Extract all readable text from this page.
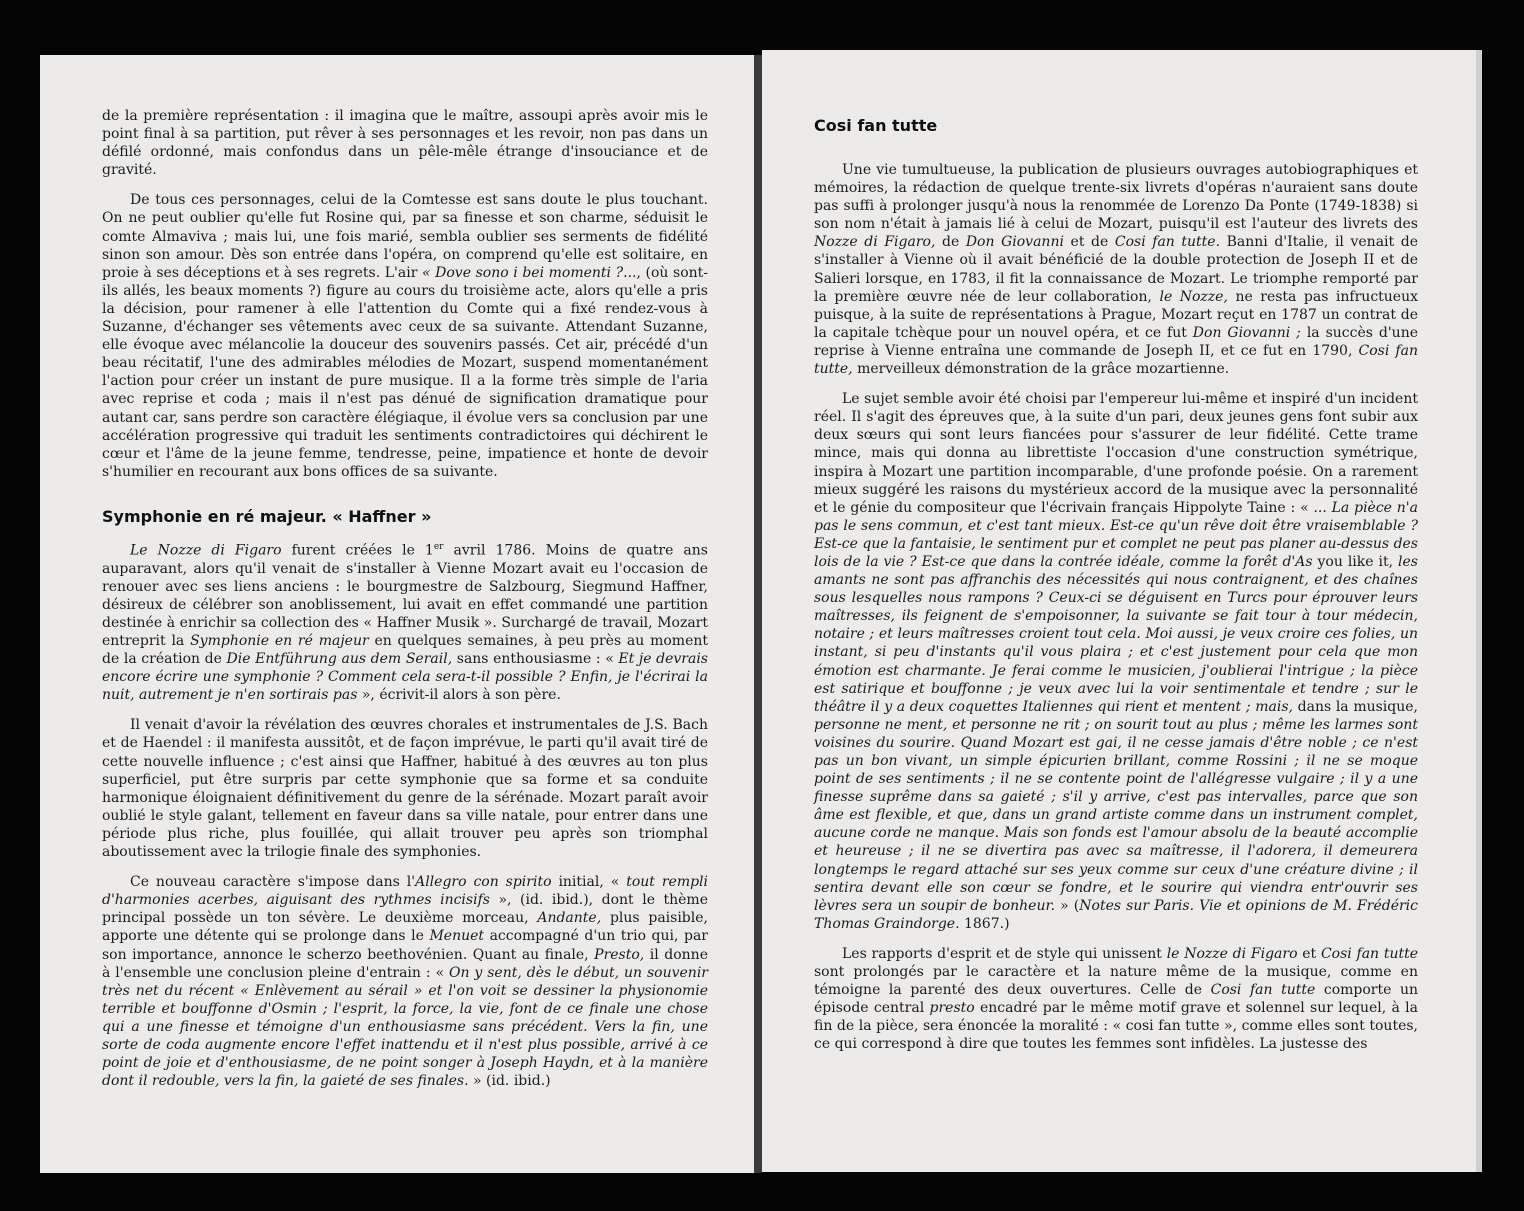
de la première représentation : il imagina que le maître, assoupi après avoir mis le point final à sa partition, put rêver à ses personnages et les revoir, non pas dans un défilé ordonné, mais confondus dans un pêle-mêle étrange d'insouciance et de gravité.

De tous ces personnages, celui de la Comtesse est sans doute le plus touchant. On ne peut oublier qu'elle fut Rosine qui, par sa finesse et son charme, séduisit le comte Almaviva ; mais lui, une fois marié, sembla oublier ses serments de fidélité sinon son amour. Dès son entrée dans l'opéra, on comprend qu'elle est solitaire, en proie à ses déceptions et à ses regrets. L'air « Dove sono i bei momenti ?..., (où sont-ils allés, les beaux moments ?) figure au cours du troisième acte, alors qu'elle a pris la décision, pour ramener à elle l'attention du Comte qui a fixé rendez-vous à Suzanne, d'échanger ses vêtements avec ceux de sa suivante. Attendant Suzanne, elle évoque avec mélancolie la douceur des souvenirs passés. Cet air, précédé d'un beau récitatif, l'une des admirables mélodies de Mozart, suspend momentanément l'action pour créer un instant de pure musique. Il a la forme très simple de l'aria avec reprise et coda ; mais il n'est pas dénué de signification dramatique pour autant car, sans perdre son caractère élégiaque, il évolue vers sa conclusion par une accélération progressive qui traduit les sentiments contradictoires qui déchirent le cœur et l'âme de la jeune femme, tendresse, peine, impatience et honte de devoir s'humilier en recourant aux bons offices de sa suivante.

Symphonie en ré majeur. « Haffner »

Le Nozze di Figaro furent créées le 1er avril 1786. Moins de quatre ans auparavant, alors qu'il venait de s'installer à Vienne Mozart avait eu l'occasion de renouer avec ses liens anciens : le bourgmestre de Salzbourg, Siegmund Haffner, désireux de célébrer son anoblissement, lui avait en effet commandé une partition destinée à enrichir sa collection des « Haffner Musik ». Surchargé de travail, Mozart entreprit la Symphonie en ré majeur en quelques semaines, à peu près au moment de la création de Die Entführung aus dem Serail, sans enthousiasme : « Et je devrais encore écrire une symphonie ? Comment cela sera-t-il possible ? Enfin, je l'écrirai la nuit, autrement je n'en sortirais pas », écrivit-il alors à son père.

Il venait d'avoir la révélation des œuvres chorales et instrumentales de J.S. Bach et de Haendel : il manifesta aussitôt, et de façon imprévue, le parti qu'il avait tiré de cette nouvelle influence ; c'est ainsi que Haffner, habitué à des œuvres au ton plus superficiel, put être surpris par cette symphonie que sa forme et sa conduite harmonique éloignaient définitivement du genre de la sérénade. Mozart paraît avoir oublié le style galant, tellement en faveur dans sa ville natale, pour entrer dans une période plus riche, plus fouillée, qui allait trouver peu après son triomphal aboutissement avec la trilogie finale des symphonies.

Ce nouveau caractère s'impose dans l'Allegro con spirito initial, « tout rempli d'harmonies acerbes, aiguisant des rythmes incisifs », (id. ibid.), dont le thème principal possède un ton sévère. Le deuxième morceau, Andante, plus paisible, apporte une détente qui se prolonge dans le Menuet accompagné d'un trio qui, par son importance, annonce le scherzo beethovénien. Quant au finale, Presto, il donne à l'ensemble une conclusion pleine d'entrain : « On y sent, dès le début, un souvenir très net du récent « Enlèvement au sérail » et l'on voit se dessiner la physionomie terrible et bouffonne d'Osmin ; l'esprit, la force, la vie, font de ce finale une chose qui a une finesse et témoigne d'un enthousiasme sans précédent. Vers la fin, une sorte de coda augmente encore l'effet inattendu et il n'est plus possible, arrivé à ce point de joie et d'enthousiasme, de ne point songer à Joseph Haydn, et à la manière dont il redouble, vers la fin, la gaieté de ses finales. » (id. ibid.)

Cosi fan tutte

Une vie tumultueuse, la publication de plusieurs ouvrages autobiographiques et mémoires, la rédaction de quelque trente-six livrets d'opéras n'auraient sans doute pas suffi à prolonger jusqu'à nous la renommée de Lorenzo Da Ponte (1749-1838) si son nom n'était à jamais lié à celui de Mozart, puisqu'il est l'auteur des livrets des Nozze di Figaro, de Don Giovanni et de Cosi fan tutte. Banni d'Italie, il venait de s'installer à Vienne où il avait bénéficié de la double protection de Joseph II et de Salieri lorsque, en 1783, il fit la connaissance de Mozart. Le triomphe remporté par la première œuvre née de leur collaboration, le Nozze, ne resta pas infructueux puisque, à la suite de représentations à Prague, Mozart reçut en 1787 un contrat de la capitale tchèque pour un nouvel opéra, et ce fut Don Giovanni ; la succès d'une reprise à Vienne entraîna une commande de Joseph II, et ce fut en 1790, Cosi fan tutte, merveilleux démonstration de la grâce mozartienne.

Le sujet semble avoir été choisi par l'empereur lui-même et inspiré d'un incident réel. Il s'agit des épreuves que, à la suite d'un pari, deux jeunes gens font subir aux deux sœurs qui sont leurs fiancées pour s'assurer de leur fidélité. Cette trame mince, mais qui donna au librettiste l'occasion d'une construction symétrique, inspira à Mozart une partition incomparable, d'une profonde poésie. On a rarement mieux suggéré les raisons du mystérieux accord de la musique avec la personnalité et le génie du compositeur que l'écrivain français Hippolyte Taine : « ... La pièce n'a pas le sens commun, et c'est tant mieux. Est-ce qu'un rêve doit être vraisemblable ? Est-ce que la fantaisie, le sentiment pur et complet ne peut pas planer au-dessus des lois de la vie ? Est-ce que dans la contrée idéale, comme la forêt d'As you like it, les amants ne sont pas affranchis des nécessités qui nous contraignent, et des chaînes sous lesquelles nous rampons ? Ceux-ci se déguisent en Turcs pour éprouver leurs maîtresses, ils feignent de s'empoisonner, la suivante se fait tour à tour médecin, notaire ; et leurs maîtresses croient tout cela. Moi aussi, je veux croire ces folies, un instant, si peu d'instants qu'il vous plaira ; et c'est justement pour cela que mon émotion est charmante. Je ferai comme le musicien, j'oublierai l'intrigue ; la pièce est satirique et bouffonne ; je veux avec lui la voir sentimentale et tendre ; sur le théâtre il y a deux coquettes Italiennes qui rient et mentent ; mais, dans la musique, personne ne ment, et personne ne rit ; on sourit tout au plus ; même les larmes sont voisines du sourire. Quand Mozart est gai, il ne cesse jamais d'être noble ; ce n'est pas un bon vivant, un simple épicurien brillant, comme Rossini ; il ne se moque point de ses sentiments ; il ne se contente point de l'allégresse vulgaire ; il y a une finesse suprême dans sa gaieté ; s'il y arrive, c'est pas intervalles, parce que son âme est flexible, et que, dans un grand artiste comme dans un instrument complet, aucune corde ne manque. Mais son fonds est l'amour absolu de la beauté accomplie et heureuse ; il ne se divertira pas avec sa maîtresse, il l'adorera, il demeurera longtemps le regard attaché sur ses yeux comme sur ceux d'une créature divine ; il sentira devant elle son cœur se fondre, et le sourire qui viendra entr'ouvrir ses lèvres sera un soupir de bonheur. » (Notes sur Paris. Vie et opinions de M. Frédéric Thomas Graindorge. 1867.)

Les rapports d'esprit et de style qui unissent le Nozze di Figaro et Cosi fan tutte sont prolongés par le caractère et la nature même de la musique, comme en témoigne la parenté des deux ouvertures. Celle de Cosi fan tutte comporte un épisode central presto encadré par le même motif grave et solennel sur lequel, à la fin de la pièce, sera énoncée la moralité : « cosi fan tutte », comme elles sont toutes, ce qui correspond à dire que toutes les femmes sont infidèles. La justesse des
